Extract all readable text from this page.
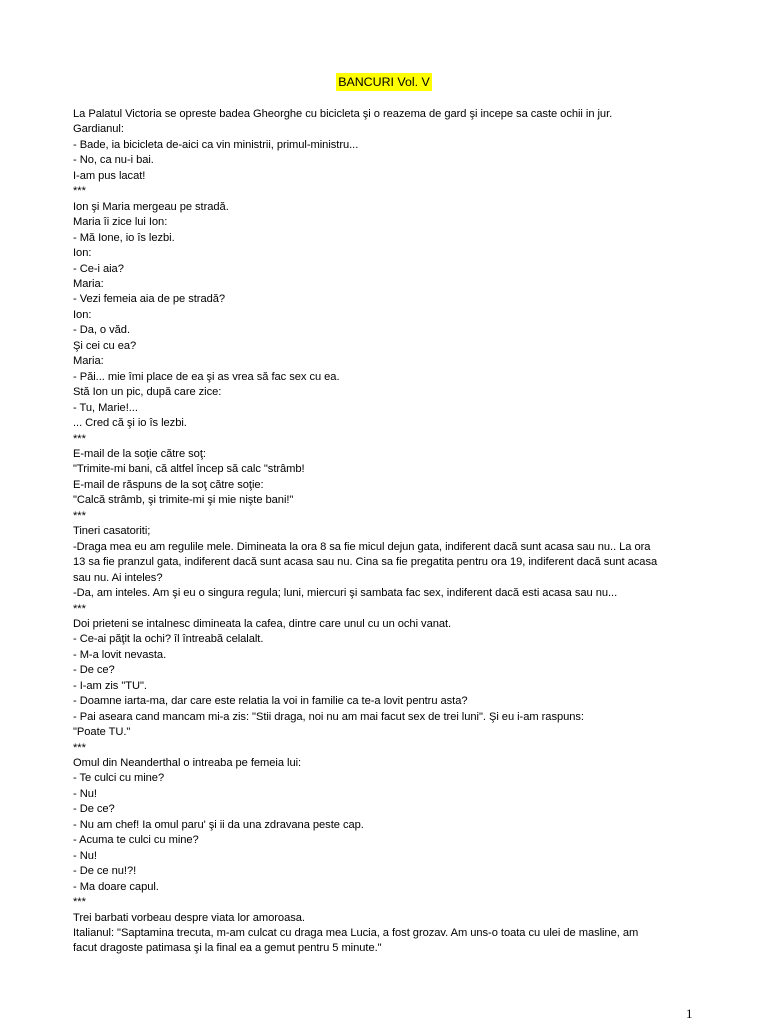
BANCURI Vol. V
La Palatul Victoria se opreste badea Gheorghe cu bicicleta şi o reazema de gard şi incepe sa caste ochii in jur.
Gardianul:
- Bade, ia bicicleta de-aici ca vin ministrii, primul-ministru...
- No, ca nu-i bai.
I-am pus lacat!
***
Ion şi Maria mergeau pe stradă.
Maria îi zice lui Ion:
- Mă Ione, io îs lezbi.
Ion:
- Ce-i aia?
Maria:
- Vezi femeia aia de pe stradă?
Ion:
- Da, o văd.
Şi cei cu ea?
Maria:
- Păi... mie îmi place de ea şi as vrea să fac sex cu ea.
Stă Ion un pic, după care zice:
- Tu, Marie!...
... Cred că şi io îs lezbi.
***
E-mail de la soţie către soţ:
"Trimite-mi bani, că altfel încep să calc "strâmb!
E-mail de răspuns de la soţ către soţie:
"Calcă strâmb, şi trimite-mi şi mie nişte bani!"
***
Tineri casatoriti;
-Draga mea eu am regulile mele. Dimineata la ora 8 sa fie micul dejun gata, indiferent dacă sunt acasa sau nu.. La ora
13 sa fie pranzul gata, indiferent dacă sunt acasa sau nu. Cina sa fie pregatita pentru ora 19, indiferent dacă sunt acasa
sau nu. Ai inteles?
-Da, am inteles. Am şi eu o singura regula; luni, miercuri şi sambata fac sex, indiferent dacă esti acasa sau nu...
***
Doi prieteni se intalnesc dimineata la cafea, dintre care unul cu un ochi vanat.
- Ce-ai păţit la ochi? îl întreabă celalalt.
- M-a lovit nevasta.
- De ce?
- I-am zis "TU".
- Doamne iarta-ma, dar care este relatia la voi in familie ca te-a lovit pentru asta?
- Pai aseara cand mancam mi-a zis: "Stii draga, noi nu am mai facut sex de trei luni". Şi eu i-am raspuns:
"Poate TU."
***
Omul din Neanderthal o intreaba pe femeia lui:
- Te culci cu mine?
- Nu!
- De ce?
- Nu am chef! Ia omul paru' şi ii da una zdravana peste cap.
- Acuma te culci cu mine?
- Nu!
- De ce nu!?!
- Ma doare capul.
***
Trei barbati vorbeau despre viata lor amoroasa.
Italianul: "Saptamina trecuta, m-am culcat cu draga mea Lucia, a fost grozav. Am uns-o toata cu ulei de masline, am
facut dragoste patimasa şi la final ea a gemut pentru 5 minute."
1
